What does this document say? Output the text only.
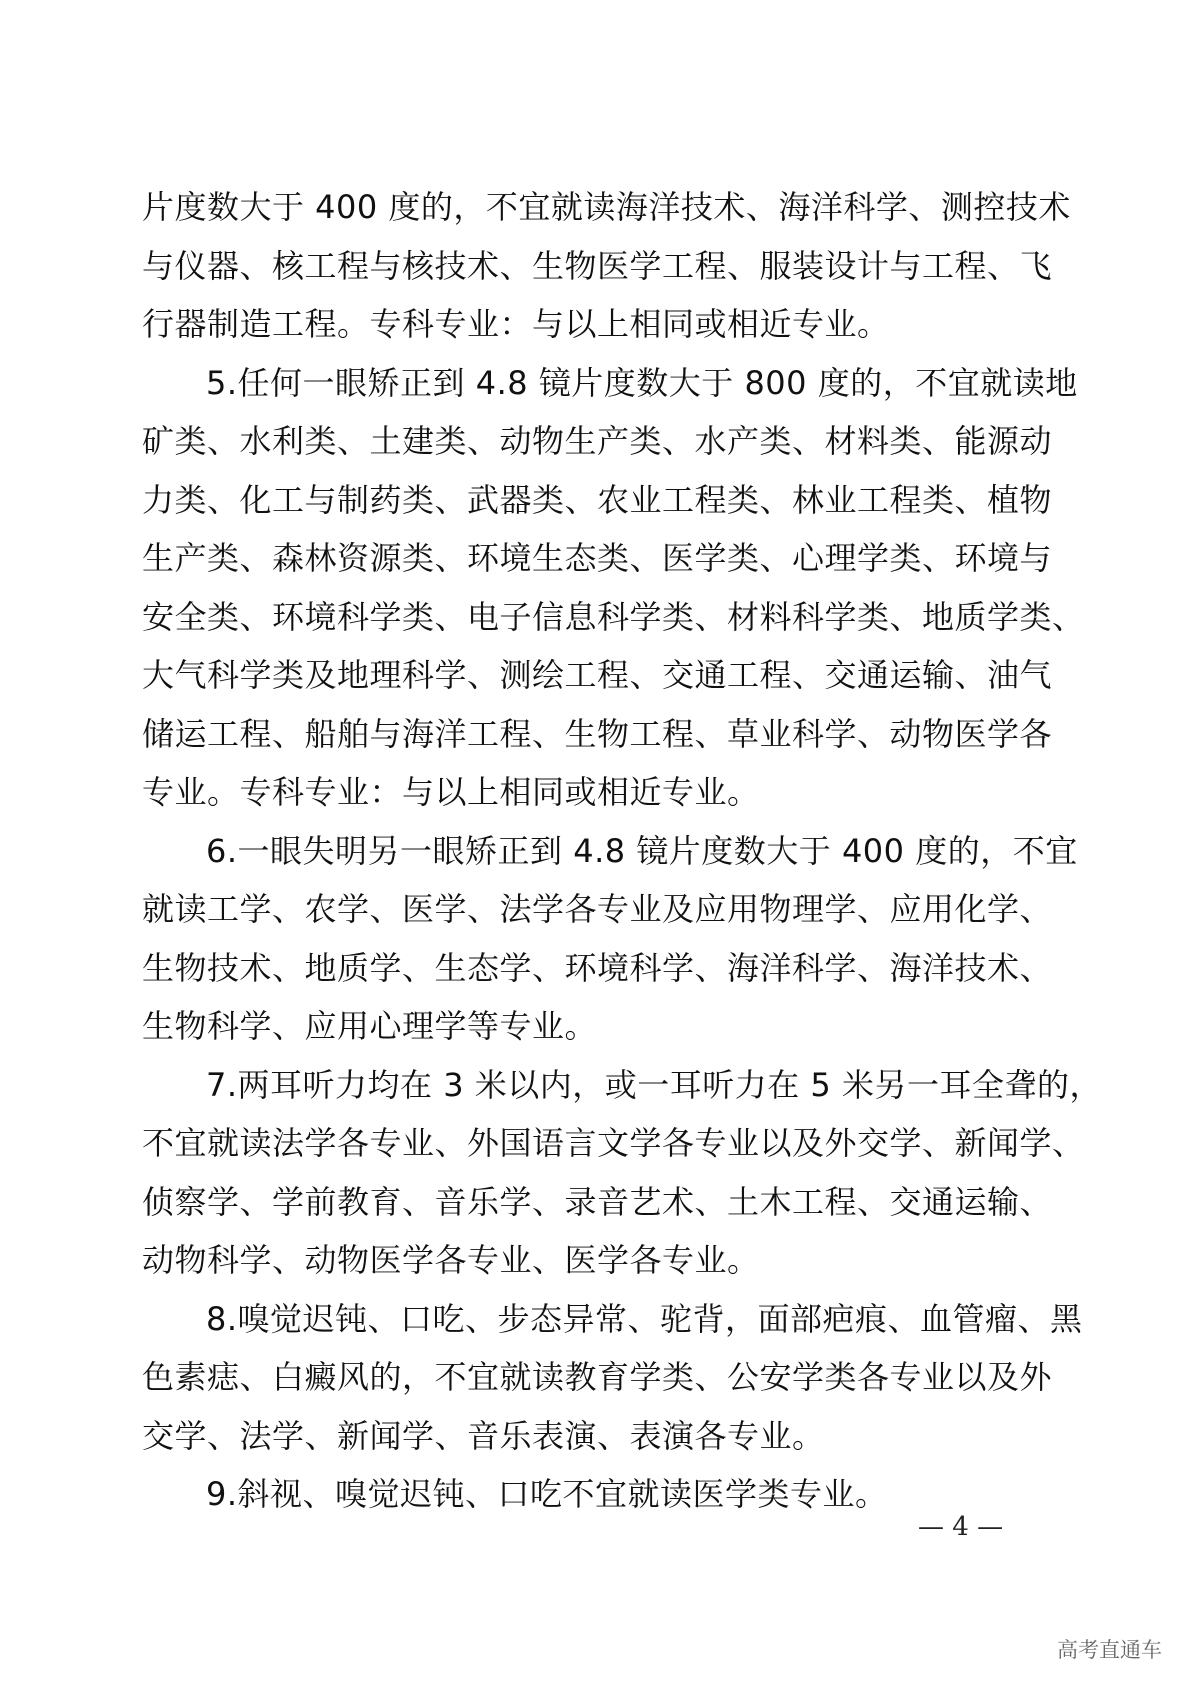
片度数大于 400 度的，不宜就读海洋技术、海洋科学、测控技术
与仪器、核工程与核技术、生物医学工程、服装设计与工程、飞
行器制造工程。专科专业：与以上相同或相近专业。
5.任何一眼矫正到 4.8 镜片度数大于 800 度的，不宜就读地
矿类、水利类、土建类、动物生产类、水产类、材料类、能源动
力类、化工与制药类、武器类、农业工程类、林业工程类、植物
生产类、森林资源类、环境生态类、医学类、心理学类、环境与
安全类、环境科学类、电子信息科学类、材料科学类、地质学类、
大气科学类及地理科学、测绘工程、交通工程、交通运输、油气
储运工程、船舶与海洋工程、生物工程、草业科学、动物医学各
专业。专科专业：与以上相同或相近专业。
6.一眼失明另一眼矫正到 4.8 镜片度数大于 400 度的，不宜
就读工学、农学、医学、法学各专业及应用物理学、应用化学、
生物技术、地质学、生态学、环境科学、海洋科学、海洋技术、
生物科学、应用心理学等专业。
7.两耳听力均在 3 米以内，或一耳听力在 5 米另一耳全聋的，
不宜就读法学各专业、外国语言文学各专业以及外交学、新闻学、
侦察学、学前教育、音乐学、录音艺术、土木工程、交通运输、
动物科学、动物医学各专业、医学各专业。
8.嗅觉迟钝、口吃、步态异常、驼背，面部疤痕、血管瘤、黑
色素痣、白癜风的，不宜就读教育学类、公安学类各专业以及外
交学、法学、新闻学、音乐表演、表演各专业。
9.斜视、嗅觉迟钝、口吃不宜就读医学类专业。
— 4 —
高考直通车
